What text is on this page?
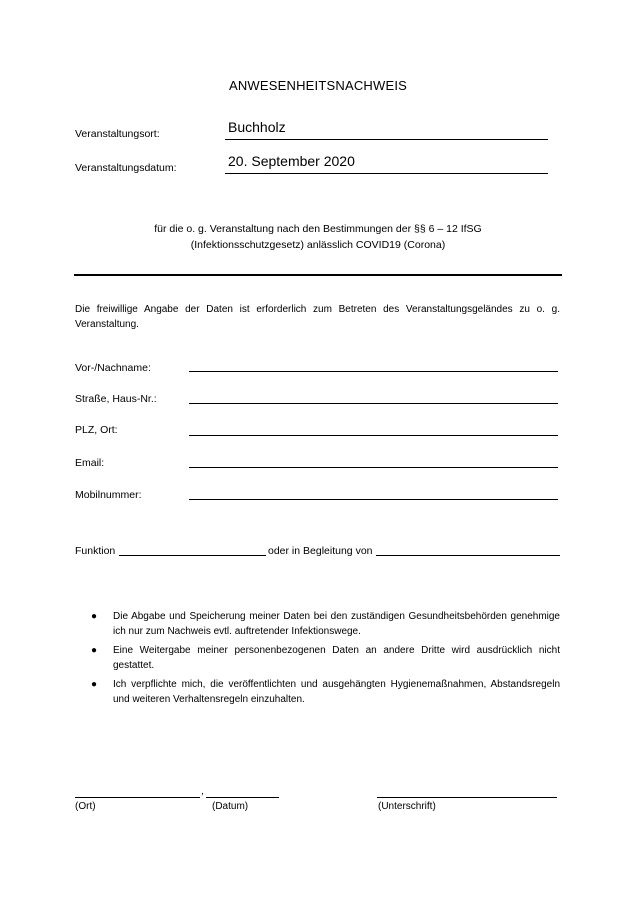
ANWESENHEITSNACHWEIS
Veranstaltungsort:	Buchholz
Veranstaltungsdatum:	20. September 2020
für die o. g. Veranstaltung nach den Bestimmungen der §§ 6 – 12 IfSG
(Infektionsschutzgesetz) anlässlich COVID19 (Corona)
Die freiwillige Angabe der Daten ist erforderlich zum Betreten des Veranstaltungsgeländes zu o. g. Veranstaltung.
Vor-/Nachname:
Straße, Haus-Nr.:
PLZ, Ort:
Email:
Mobilnummer:
Funktion	oder in Begleitung von
● Die Abgabe und Speicherung meiner Daten bei den zuständigen Gesundheitsbehörden genehmige ich nur zum Nachweis evtl. auftretender Infektionswege.
● Eine Weitergabe meiner personenbezogenen Daten an andere Dritte wird ausdrücklich nicht gestattet.
● Ich verpflichte mich, die veröffentlichten und ausgehängten Hygienemaßnahmen, Abstandsregeln und weiteren Verhaltensregeln einzuhalten.
,
(Ort)	(Datum)	(Unterschrift)
